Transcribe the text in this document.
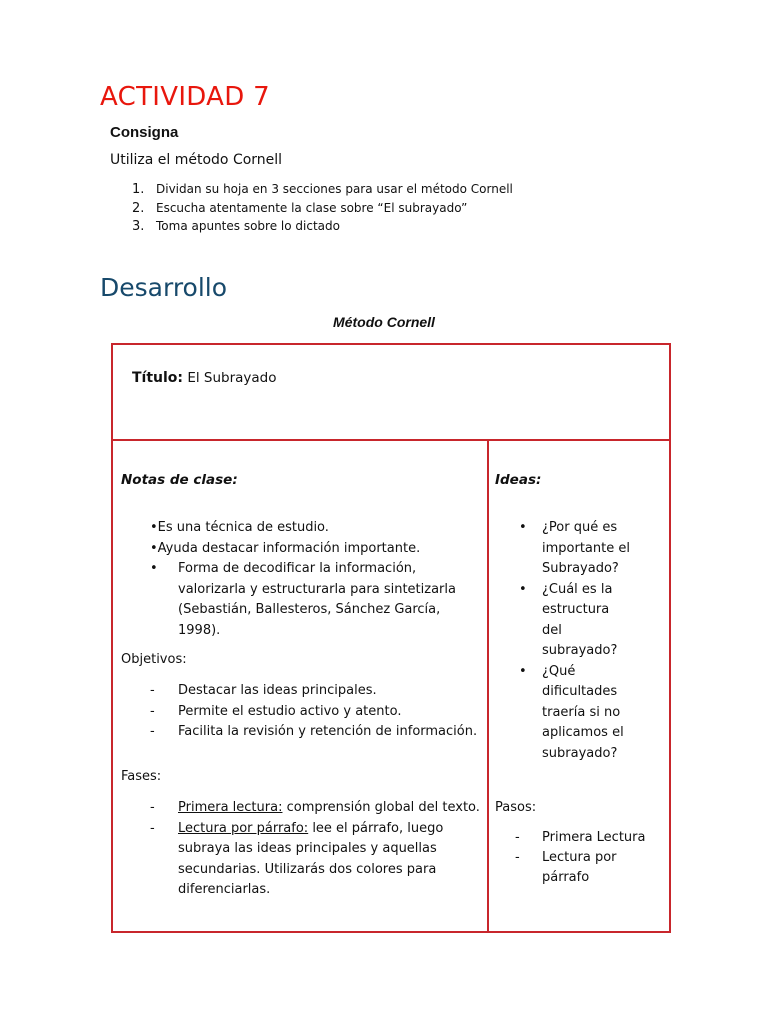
ACTIVIDAD 7
Consigna
Utiliza el método Cornell
1. Dividan su hoja en 3 secciones para usar el método Cornell
2. Escucha atentamente la clase sobre “El subrayado”
3. Toma apuntes sobre lo dictado
Desarrollo
Método Cornell
Título: El Subrayado
Notas de clase:
•Es una técnica de estudio.
•Ayuda destacar información importante.
• Forma de decodificar la información,
valorizarla y estructurarla para sintetizarla
(Sebastián, Ballesteros, Sánchez García,
1998).
Objetivos:
- Destacar las ideas principales.
- Permite el estudio activo y atento.
- Facilita la revisión y retención de información.
Fases:
- Primera lectura: comprensión global del texto.
- Lectura por párrafo: lee el párrafo, luego
subraya las ideas principales y aquellas
secundarias. Utilizarás dos colores para
diferenciarlas.
Ideas:
• ¿Por qué es
importante el
Subrayado?
• ¿Cuál es la
estructura
del
subrayado?
• ¿Qué
dificultades
traería si no
aplicamos el
subrayado?
Pasos:
- Primera Lectura
- Lectura por
párrafo
